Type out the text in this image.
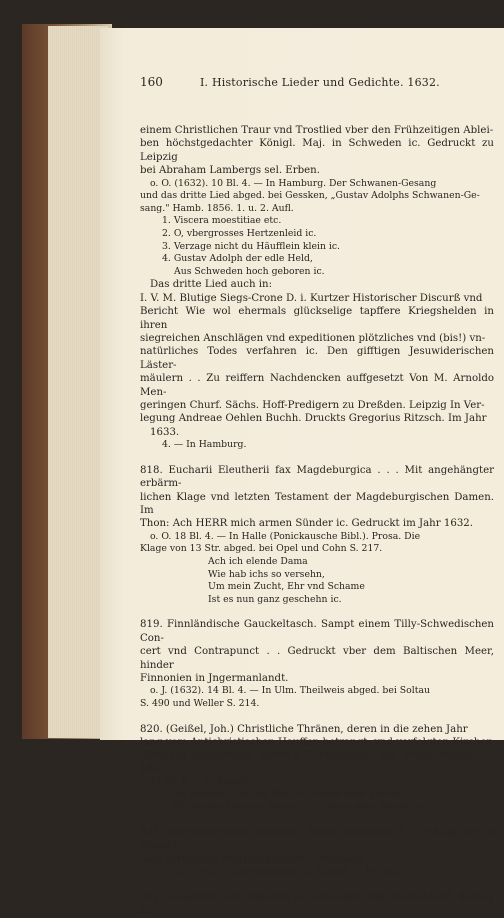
160	I. Historische Lieder und Gedichte. 1632.

einem Christlichen Traur vnd Trostlied vber den Frühzeitigen Ablei-

ben höchstgedachter Königl. Maj. in Schweden ic. Gedruckt zu Leipzig

bei Abraham Lambergs sel. Erben.

o. O. (1632). 10 Bl. 4. — In Hamburg. Der Schwanen-Gesang

und das dritte Lied abged. bei Gessken, „Gustav Adolphs Schwanen-Ge-

sang." Hamb. 1856. 1. u. 2. Aufl.

1. Viscera moestitiae etc.

2. O, vbergrosses Hertzenleid ic.

3. Verzage nicht du Häufflein klein ic.

4. Gustav Adolph der edle Held,

Aus Schweden hoch geboren ic.

Das dritte Lied auch in:

I. V. M. Blutige Siegs-Crone D. i. Kurtzer Historischer Discurß vnd

Bericht Wie wol ehermals glückselige tapffere Kriegshelden in ihren

siegreichen Anschlägen vnd expeditionen plötzliches vnd (bis!) vn-

natürliches Todes verfahren ic. Den gifftigen Jesuwiderischen Läster-

mäulern . . Zu reiffern Nachdencken auffgesetzt Von M. Arnoldo Men-

geringen Churf. Sächs. Hoff-Predigern zu Dreßden. Leipzig In Ver-

legung Andreae Oehlen Buchh. Druckts Gregorius Ritzsch. Im Jahr

1633.

4. — In Hamburg.

818. Eucharii Eleutherii fax Magdeburgica . . . Mit angehängter erbärm-

lichen Klage vnd letzten Testament der Magdeburgischen Damen. Im

Thon: Ach HERR mich armen Sünder ic. Gedruckt im Jahr 1632.

o. O. 18 Bl. 4. — In Halle (Ponickausche Bibl.). Prosa. Die

Klage von 13 Str. abged. bei Opel und Cohn S. 217.

Ach ich elende Dama

Wie hab ichs so versehn,

Um mein Zucht, Ehr vnd Schame

Ist es nun ganz geschehn ic.

819. Finnländische Gauckeltasch. Sampt einem Tilly-Schwedischen Con-

cert vnd Contrapunct . . Gedruckt vber dem Baltischen Meer, hinder

Finnonien in Jngermanlandt.

o. J. (1632). 14 Bl. 4. — In Ulm. Theilweis abged. bei Soltau

S. 490 und Weller S. 214.

820. (Geißel, Joh.) Christliche Thränen, deren in die zehen Jahr

lang vom Antichristischen Hauffen betrangt- vnd verfolgten Kirchen

Gottes in Teutschland. Durch J. G. Franckfurt, Joh. Fried. Weisse.

1632.

11 Bl. 4. — In Zürich.

Du grosser Gott der Welt, du Vatter aller Kinder,

Du Heyland deines Volcks, du Tröster aller Sünder ic.

821. Hertzbrechend Gespräch, darinn begriffen 1. Die Klag der in Teutsch-

land verfolgten Augspurgischen Confession . .

o. O. u. J. (1632). Querfolioblatt m. Kupfer. — In Ulm.

822. Gespräch Kön. Majestat zu Schweden, mit Teutschland, darbey er-
